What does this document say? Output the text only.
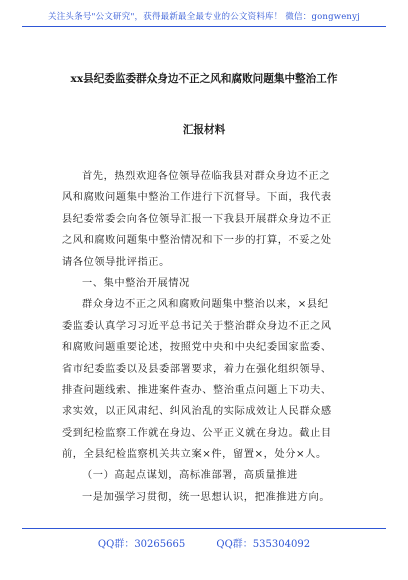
关注头条号"公文研究"，获得最新最全最专业的公文资料库！ 微信：gongwenyj
xx县纪委监委群众身边不正之风和腐败问题集中整治工作
汇报材料
首先，热烈欢迎各位领导莅临我县对群众身边不正之
风和腐败问题集中整治工作进行下沉督导。下面，我代表
县纪委常委会向各位领导汇报一下我县开展群众身边不正
之风和腐败问题集中整治情况和下一步的打算，不妥之处
请各位领导批评指正。
一、集中整治开展情况
群众身边不正之风和腐败问题集中整治以来，×县纪
委监委认真学习习近平总书记关于整治群众身边不正之风
和腐败问题重要论述，按照党中央和中央纪委国家监委、
省市纪委监委以及县委部署要求，着力在强化组织领导、
排查问题线索、推进案件查办、整治重点问题上下功夫、
求实效，以正风肃纪、纠风治乱的实际成效让人民群众感
受到纪检监察工作就在身边、公平正义就在身边。截止目
前，全县纪检监察机关共立案×件，留置×，处分×人。
（一）高起点谋划，高标准部署，高质量推进
一是加强学习贯彻，统一思想认识，把准推进方向。
QQ群：30265665	QQ群：535304092
